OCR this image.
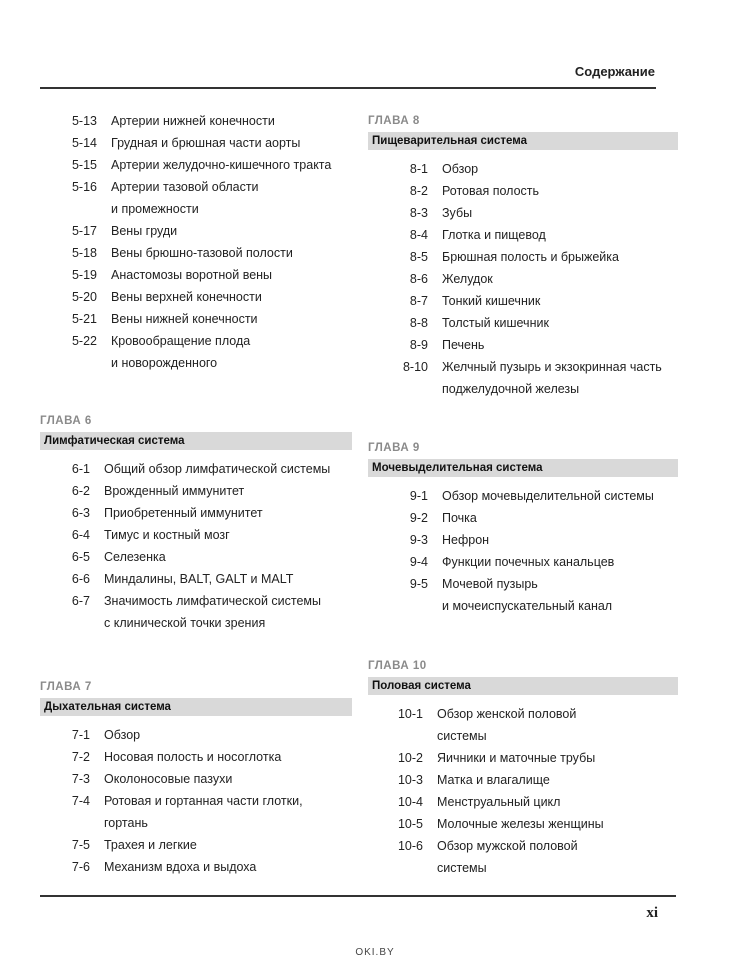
Содержание
5-13 Артерии нижней конечности
5-14 Грудная и брюшная части аорты
5-15 Артерии желудочно-кишечного тракта
5-16 Артерии тазовой области
и промежности
5-17 Вены груди
5-18 Вены брюшно-тазовой полости
5-19 Анастомозы воротной вены
5-20 Вены верхней конечности
5-21 Вены нижней конечности
5-22 Кровообращение плода
и новорожденного
ГЛАВА 6
Лимфатическая система
6-1 Общий обзор лимфатической системы
6-2 Врожденный иммунитет
6-3 Приобретенный иммунитет
6-4 Тимус и костный мозг
6-5 Селезенка
6-6 Миндалины, BALT, GALT и MALT
6-7 Значимость лимфатической системы
с клинической точки зрения
ГЛАВА 7
Дыхательная система
7-1 Обзор
7-2 Носовая полость и носоглотка
7-3 Околоносовые пазухи
7-4 Ротовая и гортанная части глотки,
гортань
7-5 Трахея и легкие
7-6 Механизм вдоха и выдоха
ГЛАВА 8
Пищеварительная система
8-1 Обзор
8-2 Ротовая полость
8-3 Зубы
8-4 Глотка и пищевод
8-5 Брюшная полость и брыжейка
8-6 Желудок
8-7 Тонкий кишечник
8-8 Толстый кишечник
8-9 Печень
8-10 Желчный пузырь и экзокринная часть
поджелудочной железы
ГЛАВА 9
Мочевыделительная система
9-1 Обзор мочевыделительной системы
9-2 Почка
9-3 Нефрон
9-4 Функции почечных канальцев
9-5 Мочевой пузырь
и мочеиспускательный канал
ГЛАВА 10
Половая система
10-1 Обзор женской половой
системы
10-2 Яичники и маточные трубы
10-3 Матка и влагалище
10-4 Менструальный цикл
10-5 Молочные железы женщины
10-6 Обзор мужской половой
системы
xi
OKI.BY
